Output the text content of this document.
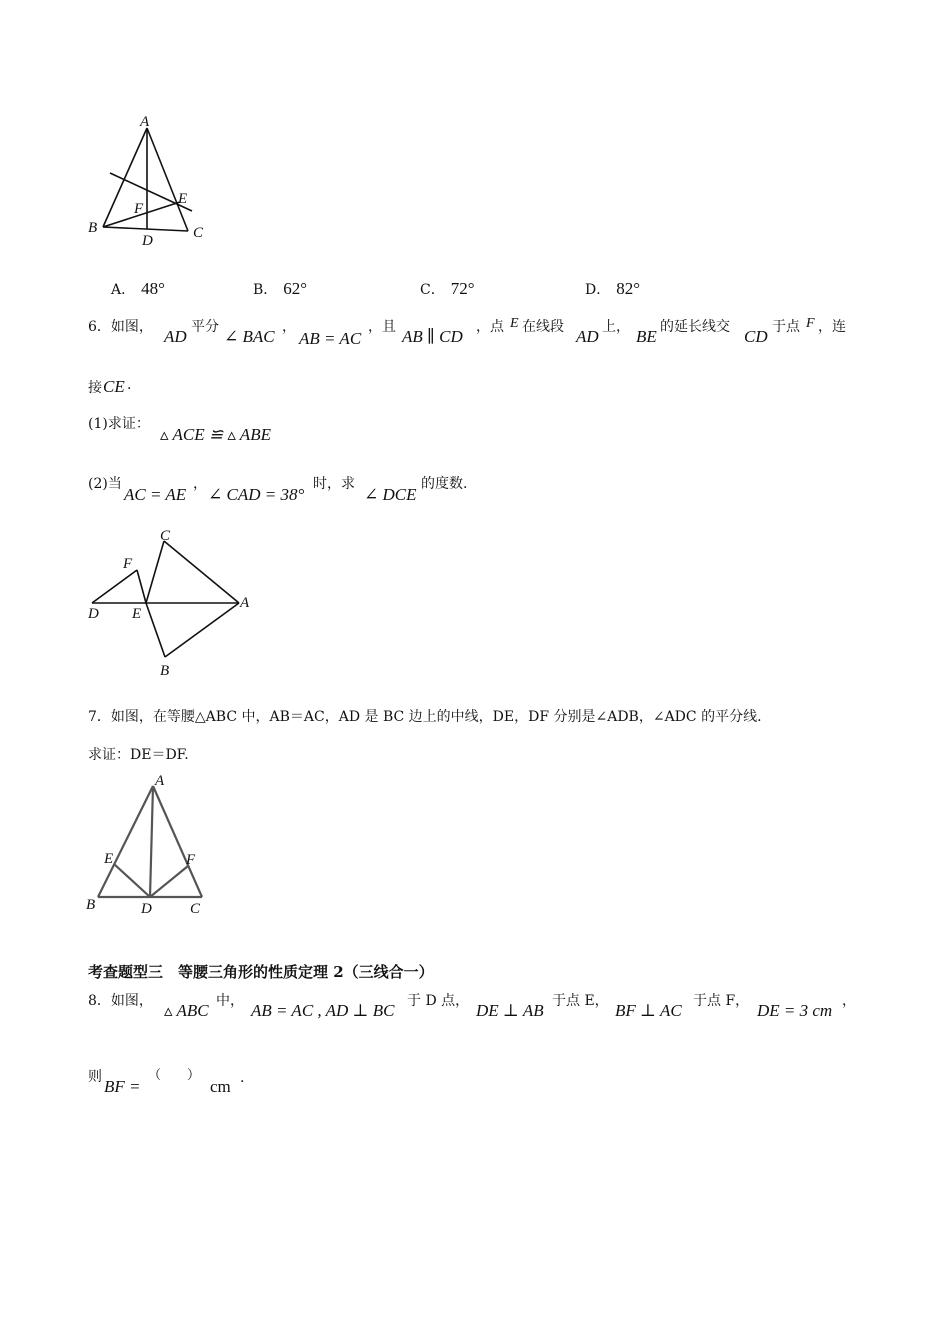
A
E
F
B
D	C
A． 48°	B． 62°	C． 72°	D． 82°
6．如图， AD 平分 ∠ BAC ，
AB = AC
，且 AB ∥ CD ，点 E 在线段 AD 上， BE 的延长线交 CD 于点 F ，连
接 CE .
(1)求证：
▵ ACE ≌ ▵ ABE
(2)当
AC = AE
，
∠ CAD = 38°
时，求
∠ DCE
的度数.
C
F
D E
A
B
7．如图，在等腰△ABC 中，AB＝AC，AD 是 BC 边上的中线，DE，DF 分别是∠ADB，∠ADC 的平分线.
求证：DE＝DF.
A
E	F
B	D	C
考查题型三　等腰三角形的性质定理 2（三线合一）
8．如图， ▵ ABC 中， AB = AC , AD ⊥ BC 于 D 点， DE ⊥ AB 于点 E， BF ⊥ AC 于点 F， DE = 3 cm ，
则 BF =
（　　）
cm .
